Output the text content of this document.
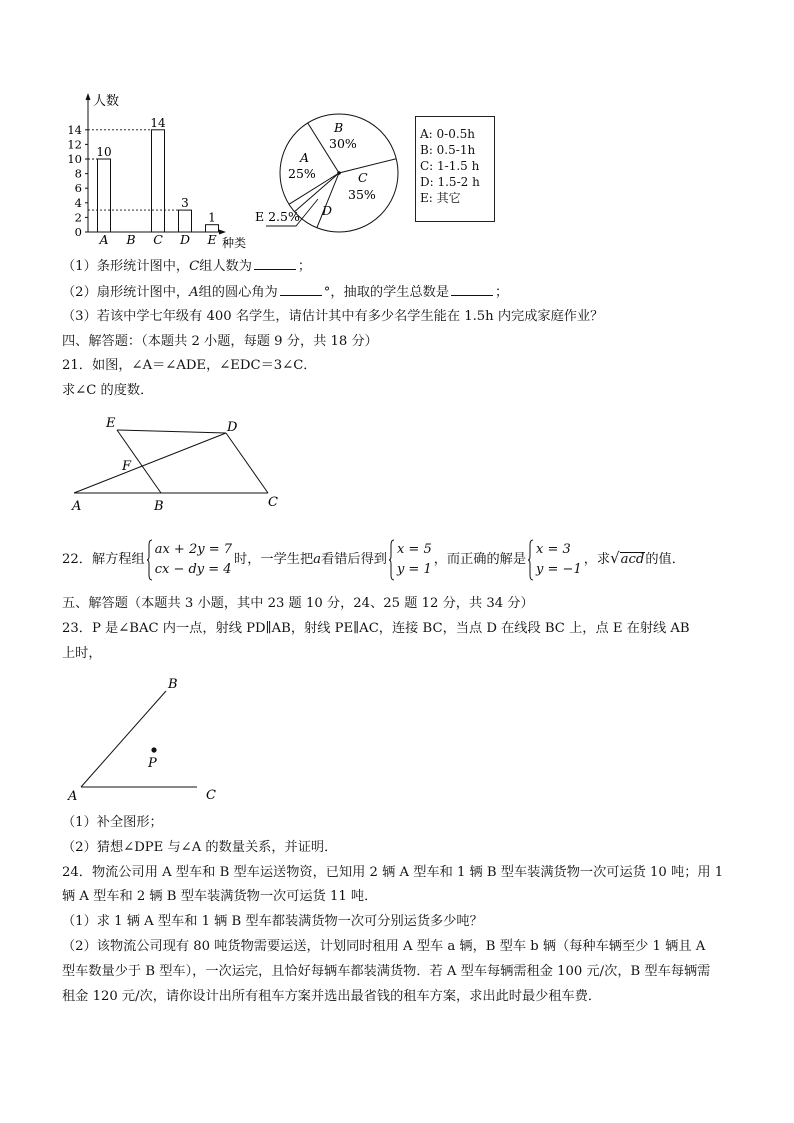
人数
种类
0
2
4
6
8
10
12
14
A
10
B C
14
D
3
E
1
A
25%
B
30%
C
35%
D
E 2.5%
A: 0-0.5h
B: 0.5-1h
C: 1-1.5 h
D: 1.5-2 h
E: 其它
（1）条形统计图中，C组人数为	；
（2）扇形统计图中，A组的圆心角为	°，抽取的学生总数是	；
（3）若该中学七年级有 400 名学生，请估计其中有多少名学生能在 1.5h 内完成家庭作业？
四、解答题：（本题共 2 小题，每题 9 分，共 18 分）
21．如图，∠A＝∠ADE，∠EDC＝3∠C．
求∠C 的度数．
E	D
F
A	B	C
22．解方程组
ax + 2y = 7
cx − dy = 4
时，一学生把a看错后得到
x = 5
y = 1
，而正确的解是
x = 3
y = −1
，求√acd的值．
五、解答题（本题共 3 小题，其中 23 题 10 分，24、25 题 12 分，共 34 分）
23．P 是∠BAC 内一点，射线 PD∥AB，射线 PE∥AC，连接 BC，当点 D 在线段 BC 上，点 E 在射线 AB
上时，
B
P
A	C
（1）补全图形；
（2）猜想∠DPE 与∠A 的数量关系，并证明．
24．物流公司用 A 型车和 B 型车运送物资，已知用 2 辆 A 型车和 1 辆 B 型车装满货物一次可运货 10 吨；用 1
辆 A 型车和 2 辆 B 型车装满货物一次可运货 11 吨．
（1）求 1 辆 A 型车和 1 辆 B 型车都装满货物一次可分别运货多少吨？
（2）该物流公司现有 80 吨货物需要运送，计划同时租用 A 型车 a 辆，B 型车 b 辆（每种车辆至少 1 辆且 A
型车数量少于 B 型车），一次运完，且恰好每辆车都装满货物．若 A 型车每辆需租金 100 元/次，B 型车每辆需
租金 120 元/次，请你设计出所有租车方案并选出最省钱的租车方案，求出此时最少租车费．
